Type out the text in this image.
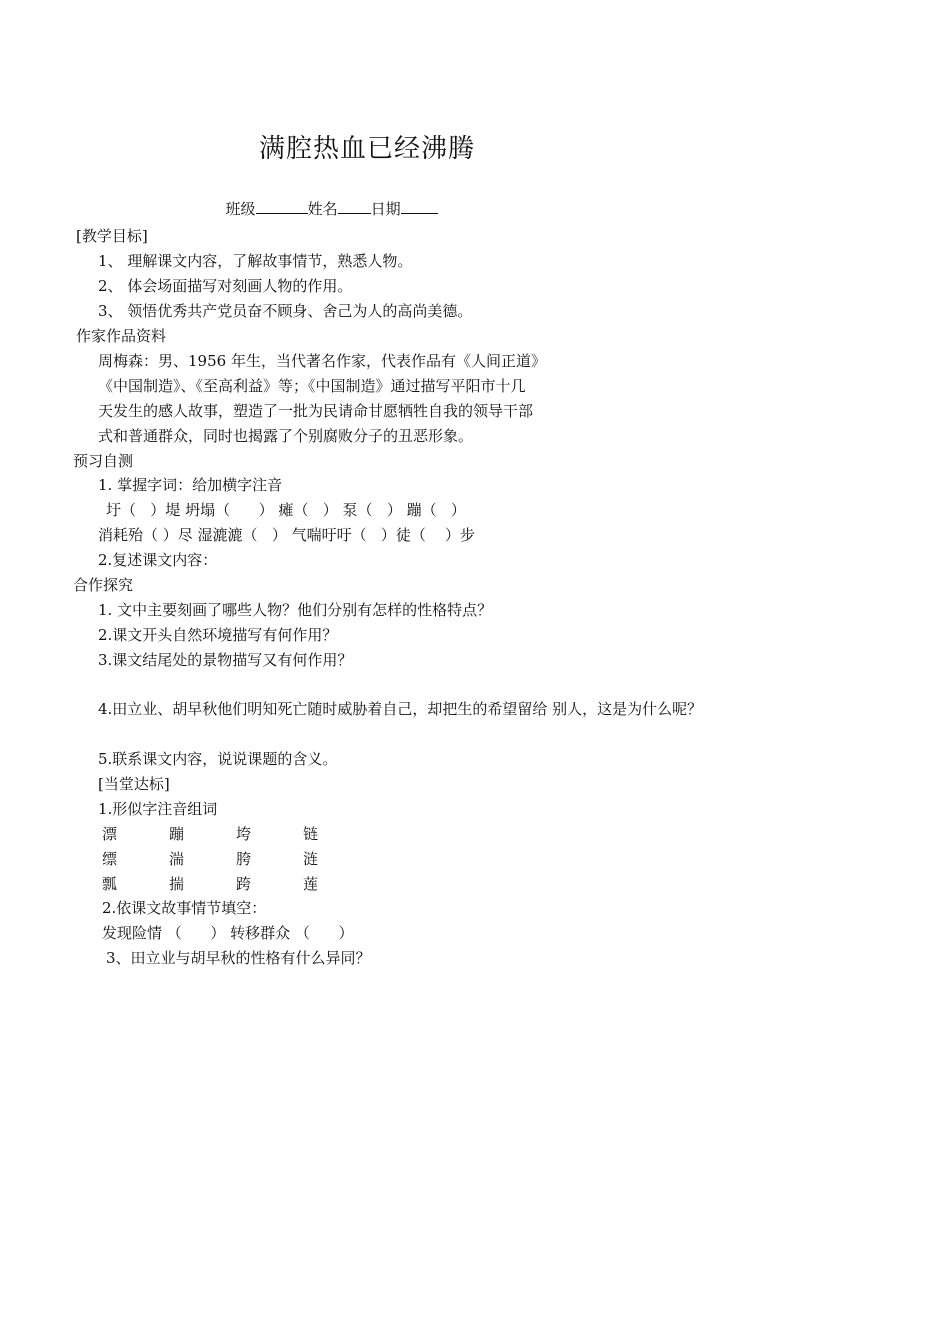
满腔热血已经沸腾

班级	姓名 日期

[教学目标]
1、 理解课文内容，了解故事情节，熟悉人物。
2、 体会场面描写对刻画人物的作用。
3、 领悟优秀共产党员奋不顾身、舍己为人的高尚美德。
作家作品资料
周梅森：男、1956 年生，当代著名作家，代表作品有《人间正道》
《中国制造》、《至高利益》等；《中国制造》通过描写平阳市十几
天发生的感人故事，塑造了一批为民请命甘愿牺牲自我的领导干部
式和普通群众，同时也揭露了个别腐败分子的丑恶形象。
预习自测
1. 掌握字词：给加横字注音
圩（   ）堤 坍塌（      ） 瘫（   ） 泵（   ） 蹦（   ）
消耗殆（ ）尽 湿漉漉（   ） 气喘吁吁（   ）徒（    ）步
2.复述课文内容：
合作探究
1. 文中主要刻画了哪些人物？他们分别有怎样的性格特点？
2.课文开头自然环境描写有何作用？
3.课文结尾处的景物描写又有何作用？
4.田立业、胡早秋他们明知死亡随时威胁着自己，却把生的希望留给 别人，这是为什么呢？
5.联系课文内容，说说课题的含义。
[当堂达标]
1.形似字注音组词
漂	蹦	垮	链
缥	湍	胯	涟
瓢	揣	跨	莲
2.依课文故事情节填空：
发现险情 （      ） 转移群众 （      ）
3、田立业与胡早秋的性格有什么异同？
